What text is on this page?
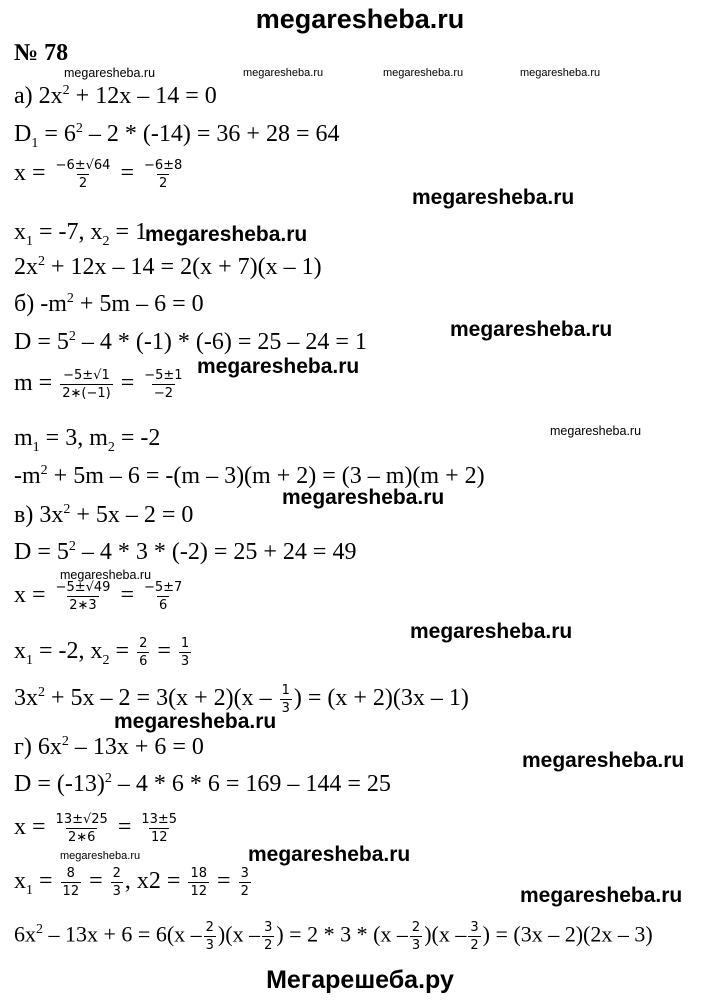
megaresheba.ru
№ 78
megaresheba.ru	megaresheba.ru	megaresheba.ru	megaresheba.ru
а) $2x^2 + 12x - 14 = 0$
$D_1 = 6^2 - 2 * (-14) = 36 + 28 = 64$
$x = \frac{-6\pm√64}{2} = \frac{-6\pm 8}{2}$
megaresheba.ru
$x_1 = -7$, $x_2 = 1$
megaresheba.ru
$2x^2 + 12x - 14 = 2(x + 7)(x - 1)$
б) $-m^2 + 5m - 6 = 0$
megaresheba.ru
$D = 5^2 - 4 * (-1) * (-6) = 25 - 24 = 1$
megaresheba.ru
$m = \frac{-5\pm√1}{2∗(-1)} = \frac{-5\pm 1}{-2}$
$m_1 = 3$, $m_2 = -2$	megaresheba.ru
$-m^2 + 5m - 6 = -(m - 3)(m + 2) = (3 - m)(m + 2)$
megaresheba.ru
в) $3x^2 + 5x - 2 = 0$
$D = 5^2 - 4 * 3 * (-2) = 25 + 24 = 49$
megaresheba.ru
$x = \frac{-5\pm√49}{2∗3} = \frac{-5\pm 7}{6}$
megaresheba.ru
$x_1 = -2$, $x_2 = \frac{2}{6} = \frac{1}{3}$
$3x^2 + 5x - 2 = 3(x + 2)(x - \frac{1}{3}$ ) = (x + 2)(3x – 1)
megaresheba.ru
г) $6x^2 - 13x + 6 = 0$
megaresheba.ru
$D = (-13)^2 - 4 * 6 * 6 = 169 - 144 = 25$
$x = \frac{13\pm√25}{2∗6} = \frac{13\pm 5}{12}$
megaresheba.ru	megaresheba.ru
$x_1 = \frac{8}{12} = \frac{2}{3}$ , $x2 = \frac{18}{12} = \frac{3}{2}$	megaresheba.ru
$6x^2 - 13x + 6 = 6(x - \frac{2}{3} )(x - \frac{3}{2}$ ) = $2 * 3 * (x - \frac{2}{3} )(x - \frac{3}{2}$ ) = (3x – 2)(2x – 3)
Мегарешеба.ру
